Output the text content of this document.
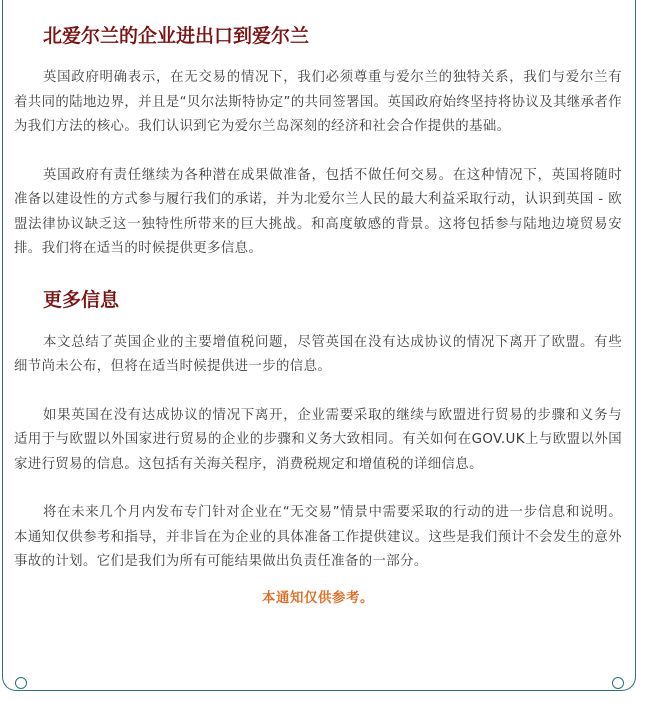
北爱尔兰的企业进出口到爱尔兰

英国政府明确表示，在无交易的情况下，我们必须尊重与爱尔兰的独特关系，我们与爱尔兰有着共同的陆地边界，并且是“贝尔法斯特协定”的共同签署国。英国政府始终坚持将协议及其继承者作为我们方法的核心。我们认识到它为爱尔兰岛深刻的经济和社会合作提供的基础。

英国政府有责任继续为各种潜在成果做准备，包括不做任何交易。在这种情况下，英国将随时准备以建设性的方式参与履行我们的承诺，并为北爱尔兰人民的最大利益采取行动，认识到英国 - 欧盟法律协议缺乏这一独特性所带来的巨大挑战。和高度敏感的背景。这将包括参与陆地边境贸易安排。我们将在适当的时候提供更多信息。

更多信息

本文总结了英国企业的主要增值税问题，尽管英国在没有达成协议的情况下离开了欧盟。有些细节尚未公布，但将在适当时候提供进一步的信息。

如果英国在没有达成协议的情况下离开，企业需要采取的继续与欧盟进行贸易的步骤和义务与适用于与欧盟以外国家进行贸易的企业的步骤和义务大致相同。有关如何在GOV.UK上与欧盟以外国家进行贸易的信息。这包括有关海关程序，消费税规定和增值税的详细信息。

将在未来几个月内发布专门针对企业在“无交易”情景中需要采取的行动的进一步信息和说明。本通知仅供参考和指导，并非旨在为企业的具体准备工作提供建议。这些是我们预计不会发生的意外事故的计划。它们是我们为所有可能结果做出负责任准备的一部分。

本通知仅供参考。
